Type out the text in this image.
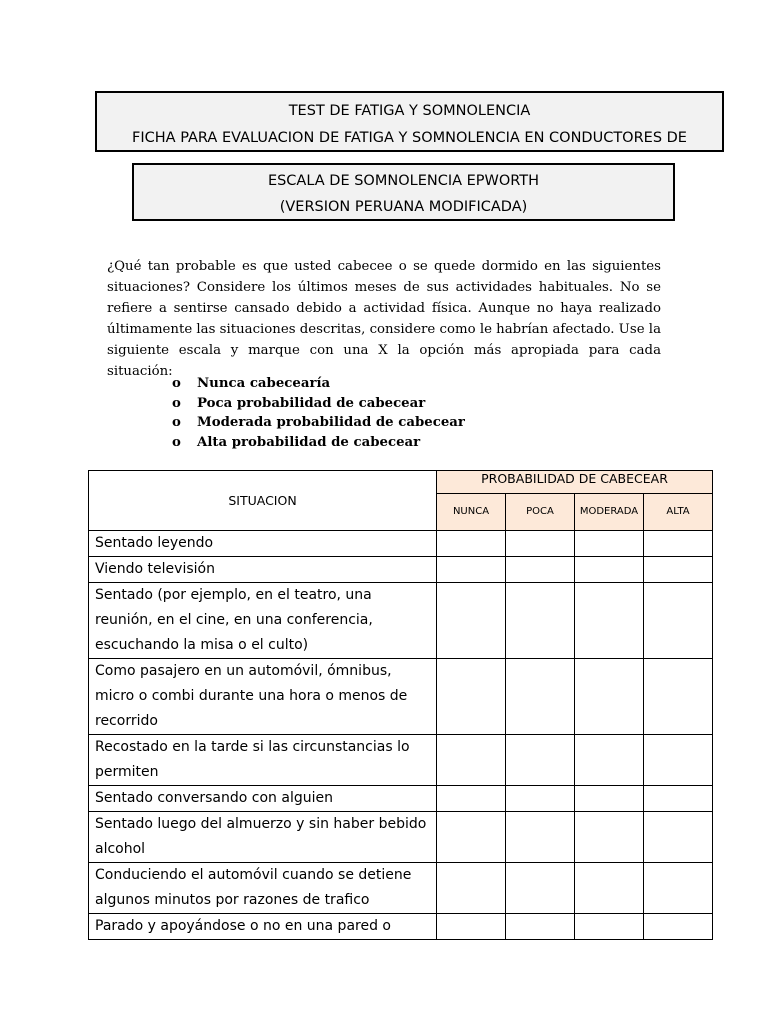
TEST DE FATIGA Y SOMNOLENCIA
FICHA PARA EVALUACION DE FATIGA Y SOMNOLENCIA EN CONDUCTORES DE
ESCALA DE SOMNOLENCIA EPWORTH
(VERSION PERUANA MODIFICADA)

¿Qué tan probable es que usted cabecee o se quede dormido en las siguientes situaciones? Considere los últimos meses de sus actividades habituales. No se refiere a sentirse cansado debido a actividad física. Aunque no haya realizado últimamente las situaciones descritas, considere como le habrían afectado. Use la siguiente escala y marque con una X la opción más apropiada para cada situación:

o Nunca cabecearía
o Poca probabilidad de cabecear
o Moderada probabilidad de cabecear
o Alta probabilidad de cabecear
SITUACION	PROBABILIDAD DE CABECEAR			
	NUNCA	POCA	MODERADA	ALTA
Sentado leyendo				
Viendo televisión				
Sentado (por ejemplo, en el teatro, una reunión, en el cine, en una conferencia, escuchando la misa o el culto)				
Como pasajero en un automóvil, ómnibus, micro o combi durante una hora o menos de recorrido				
Recostado en la tarde si las circunstancias lo permiten				
Sentado conversando con alguien				
Sentado luego del almuerzo y sin haber bebido alcohol				
Conduciendo el automóvil cuando se detiene algunos minutos por razones de trafico				
Parado y apoyándose o no en una pared o				
